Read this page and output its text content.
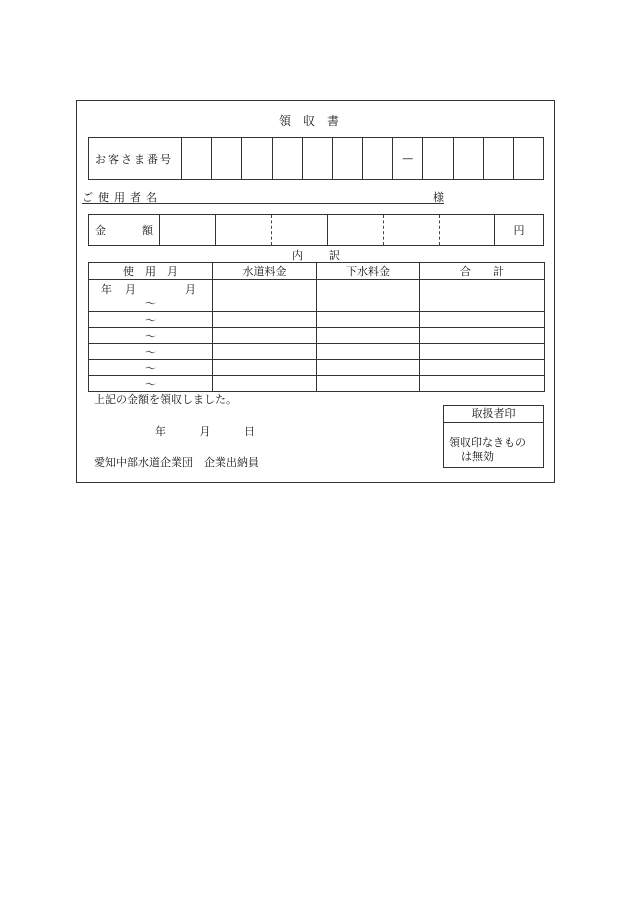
領収書
お客さま番号	—
ご使用者名	様
金	額	円
内訳
使　用　月	水道料金	下水料金	合　　計

年 月 月
～			

～			

～			

～			

～			

～			

上記の金額を領収しました。
年	月	日
愛知中部水道企業団　企業出納員
取扱者印
領収印なきもの
は無効
